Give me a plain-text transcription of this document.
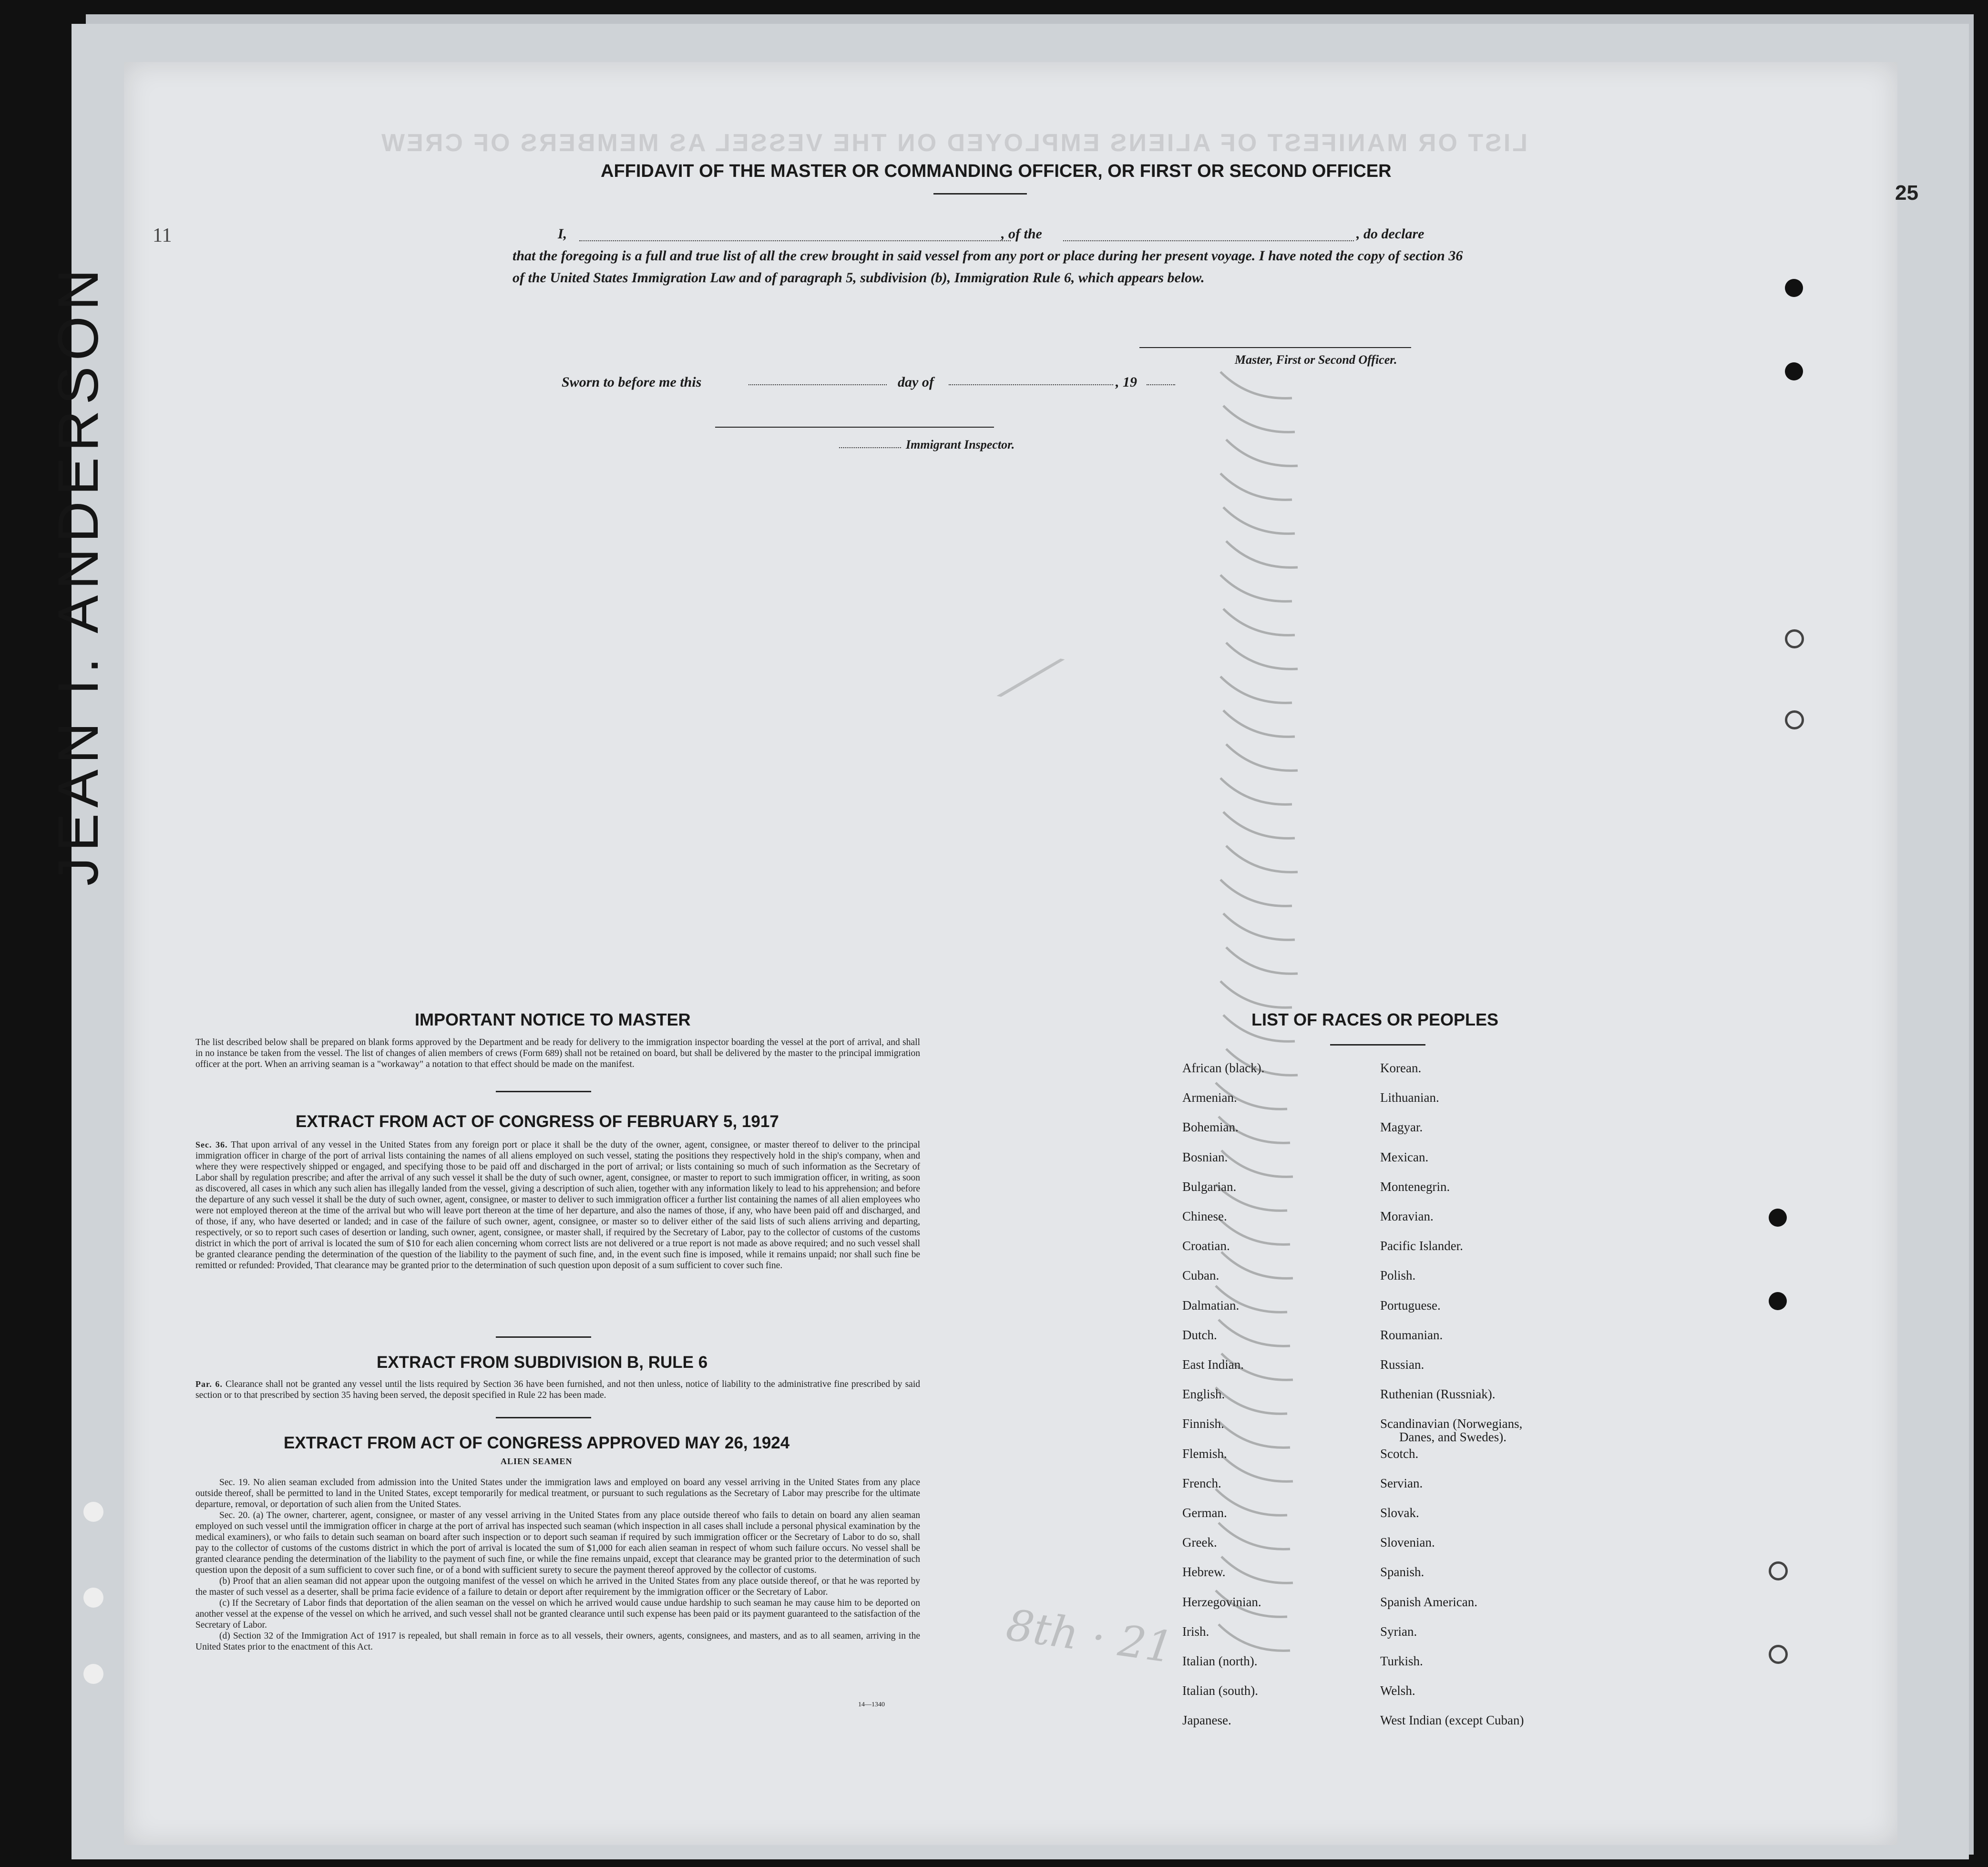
JEAN I. ANDERSON
11
25
LIST OR MANIFEST OF ALIENS EMPLOYED ON THE VESSEL AS MEMBERS OF CREW
AFFIDAVIT OF THE MASTER OR COMMANDING OFFICER, OR FIRST OR SECOND OFFICER
I,	, of the	, do declare
that the foregoing is a full and true list of all the crew brought in said vessel from any port or place during her present voyage. I have noted the copy of section 36 of the United States Immigration Law and of paragraph 5, subdivision (b), Immigration Rule 6, which appears below.
Master, First or Second Officer.
Sworn to before me this	day of	, 19
Immigrant Inspector.
IMPORTANT NOTICE TO MASTER
The list described below shall be prepared on blank forms approved by the Department and be ready for delivery to the immigration inspector boarding the vessel at the port of arrival, and shall in no instance be taken from the vessel. The list of changes of alien members of crews (Form 689) shall not be retained on board, but shall be delivered by the master to the principal immigration officer at the port. When an arriving seaman is a "workaway" a notation to that effect should be made on the manifest.
EXTRACT FROM ACT OF CONGRESS OF FEBRUARY 5, 1917
Sec. 36. That upon arrival of any vessel in the United States from any foreign port or place it shall be the duty of the owner, agent, consignee, or master thereof to deliver to the principal immigration officer in charge of the port of arrival lists containing the names of all aliens employed on such vessel, stating the positions they respectively hold in the ship's company, when and where they were respectively shipped or engaged, and specifying those to be paid off and discharged in the port of arrival; or lists containing so much of such information as the Secretary of Labor shall by regulation prescribe; and after the arrival of any such vessel it shall be the duty of such owner, agent, consignee, or master to report to such immigration officer, in writing, as soon as discovered, all cases in which any such alien has illegally landed from the vessel, giving a description of such alien, together with any information likely to lead to his apprehension; and before the departure of any such vessel it shall be the duty of such owner, agent, consignee, or master to deliver to such immigration officer a further list containing the names of all alien employees who were not employed thereon at the time of the arrival but who will leave port thereon at the time of her departure, and also the names of those, if any, who have been paid off and discharged, and of those, if any, who have deserted or landed; and in case of the failure of such owner, agent, consignee, or master so to deliver either of the said lists of such aliens arriving and departing, respectively, or so to report such cases of desertion or landing, such owner, agent, consignee, or master shall, if required by the Secretary of Labor, pay to the collector of customs of the customs district in which the port of arrival is located the sum of $10 for each alien concerning whom correct lists are not delivered or a true report is not made as above required; and no such vessel shall be granted clearance pending the determination of the question of the liability to the payment of such fine, and, in the event such fine is imposed, while it remains unpaid; nor shall such fine be remitted or refunded: Provided, That clearance may be granted prior to the determination of such question upon deposit of a sum sufficient to cover such fine.
EXTRACT FROM SUBDIVISION B, RULE 6
Par. 6. Clearance shall not be granted any vessel until the lists required by Section 36 have been furnished, and not then unless, notice of liability to the administrative fine prescribed by said section or to that prescribed by section 35 having been served, the deposit specified in Rule 22 has been made.
EXTRACT FROM ACT OF CONGRESS APPROVED MAY 26, 1924
ALIEN SEAMEN
Sec. 19. No alien seaman excluded from admission into the United States under the immigration laws and employed on board any vessel arriving in the United States from any place outside thereof, shall be permitted to land in the United States, except temporarily for medical treatment, or pursuant to such regulations as the Secretary of Labor may prescribe for the ultimate departure, removal, or deportation of such alien from the United States.
Sec. 20. (a) The owner, charterer, agent, consignee, or master of any vessel arriving in the United States from any place outside thereof who fails to detain on board any alien seaman employed on such vessel until the immigration officer in charge at the port of arrival has inspected such seaman (which inspection in all cases shall include a personal physical examination by the medical examiners), or who fails to detain such seaman on board after such inspection or to deport such seaman if required by such immigration officer or the Secretary of Labor to do so, shall pay to the collector of customs of the customs district in which the port of arrival is located the sum of $1,000 for each alien seaman in respect of whom such failure occurs. No vessel shall be granted clearance pending the determination of the liability to the payment of such fine, or while the fine remains unpaid, except that clearance may be granted prior to the determination of such question upon the deposit of a sum sufficient to cover such fine, or of a bond with sufficient surety to secure the payment thereof approved by the collector of customs.
(b) Proof that an alien seaman did not appear upon the outgoing manifest of the vessel on which he arrived in the United States from any place outside thereof, or that he was reported by the master of such vessel as a deserter, shall be prima facie evidence of a failure to detain or deport after requirement by the immigration officer or the Secretary of Labor.
(c) If the Secretary of Labor finds that deportation of the alien seaman on the vessel on which he arrived would cause undue hardship to such seaman he may cause him to be deported on another vessel at the expense of the vessel on which he arrived, and such vessel shall not be granted clearance until such expense has been paid or its payment guaranteed to the satisfaction of the Secretary of Labor.
(d) Section 32 of the Immigration Act of 1917 is repealed, but shall remain in force as to all vessels, their owners, agents, consignees, and masters, and as to all seamen, arriving in the United States prior to the enactment of this Act.
14—1340
LIST OF RACES OR PEOPLES
African (black).
Armenian.
Bohemian.
Bosnian.
Bulgarian.
Chinese.
Croatian.
Cuban.
Dalmatian.
Dutch.
East Indian.
English.
Finnish.
Flemish.
French.
German.
Greek.
Hebrew.
Herzegovinian.
Irish.
Italian (north).
Italian (south).
Japanese.
Korean.
Lithuanian.
Magyar.
Mexican.
Montenegrin.
Moravian.
Pacific Islander.
Polish.
Portuguese.
Roumanian.
Russian.
Ruthenian (Russniak).
Scandinavian (Norwegians,
Danes, and Swedes).
Scotch.
Servian.
Slovak.
Slovenian.
Spanish.
Spanish American.
Syrian.
Turkish.
Welsh.
West Indian (except Cuban)
8th · 21
⟋
